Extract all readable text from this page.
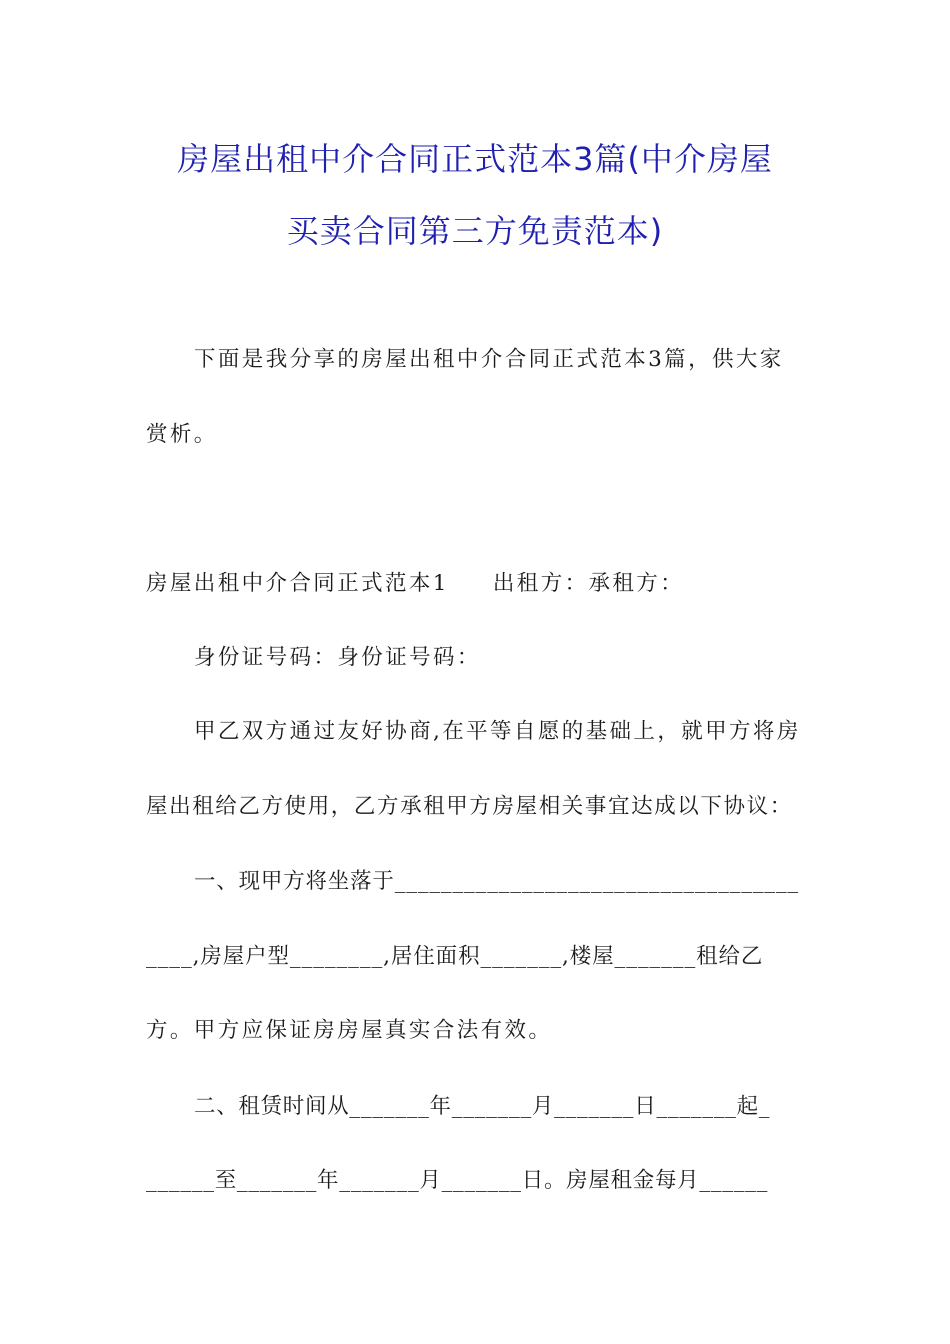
房屋出租中介合同正式范本3篇(中介房屋
买卖合同第三方免责范本)
下面是我分享的房屋出租中介合同正式范本3篇，供大家
赏析。
房屋出租中介合同正式范本1 出租方：承租方：
身份证号码：身份证号码：
甲乙双方通过友好协商,在平等自愿的基础上，就甲方将房
屋出租给乙方使用，乙方承租甲方房屋相关事宜达成以下协议：
一、现甲方将坐落于___________________________________
____,房屋户型________,居住面积_______,楼屋_______租给乙
方。甲方应保证房房屋真实合法有效。
二、租赁时间从_______年_______月_______日_______起_
______至_______年_______月_______日。房屋租金每月______
